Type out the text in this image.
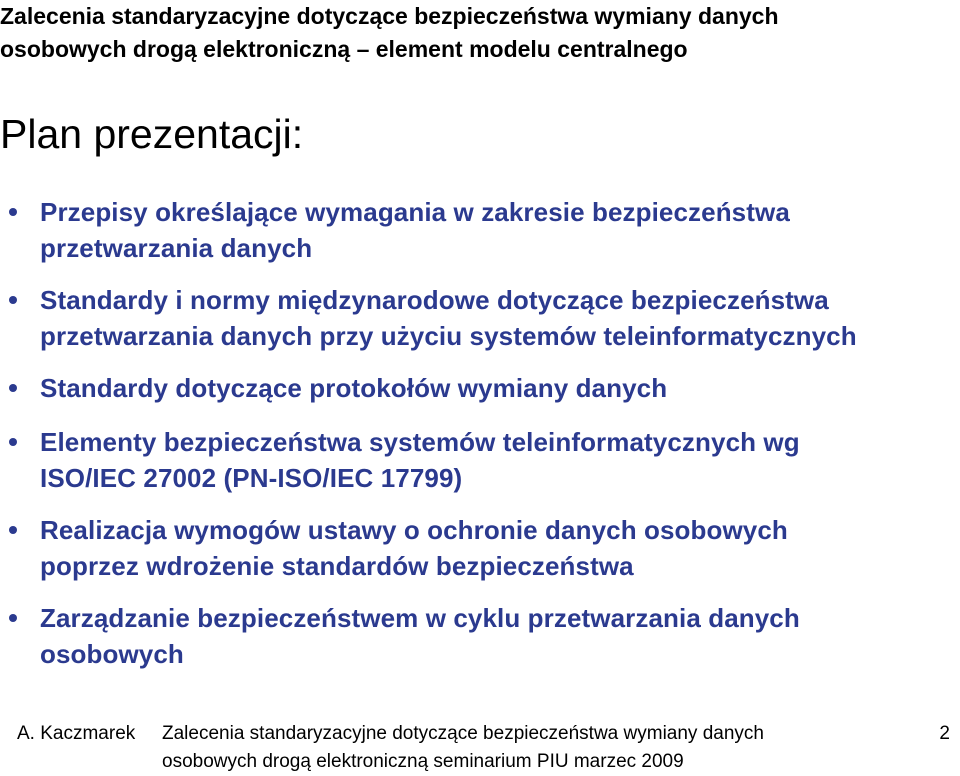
Zalecenia standaryzacyjne dotyczące bezpieczeństwa wymiany danych
osobowych drogą elektroniczną – element modelu centralnego
Plan prezentacji:
Przepisy określające wymagania w zakresie bezpieczeństwa
przetwarzania danych
Standardy i normy międzynarodowe dotyczące bezpieczeństwa
przetwarzania danych przy użyciu systemów teleinformatycznych
Standardy dotyczące protokołów wymiany danych
Elementy bezpieczeństwa systemów teleinformatycznych wg
ISO/IEC 27002 (PN-ISO/IEC 17799)
Realizacja wymogów ustawy o ochronie danych osobowych
poprzez wdrożenie standardów bezpieczeństwa
Zarządzanie bezpieczeństwem w cyklu przetwarzania danych
osobowych
A. Kaczmarek Zalecenia standaryzacyjne dotyczące bezpieczeństwa wymiany danych
osobowych drogą elektroniczną seminarium PIU marzec 2009
2
